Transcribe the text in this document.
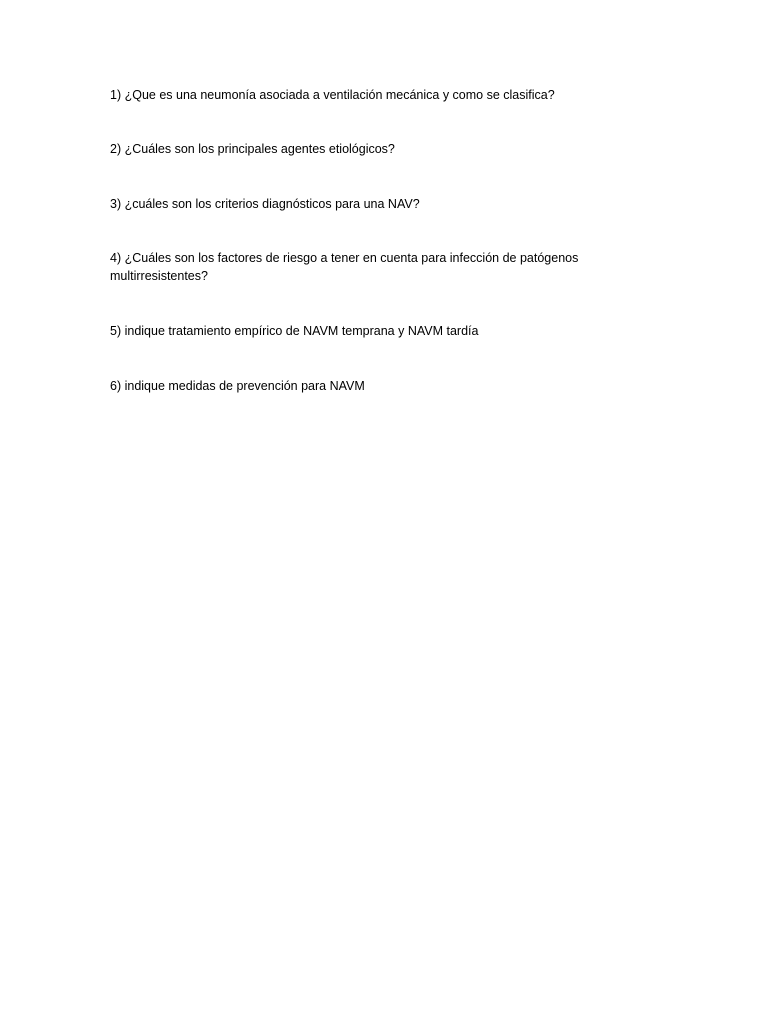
1) ¿Que es una neumonía asociada a ventilación mecánica y como se clasifica?

2) ¿Cuáles son los principales agentes etiológicos?

3) ¿cuáles son los criterios diagnósticos para una NAV?

4) ¿Cuáles son los factores de riesgo a tener en cuenta para infección de patógenos multirresistentes?

5) indique tratamiento empírico de NAVM temprana y NAVM tardía

6) indique medidas de prevención para NAVM
